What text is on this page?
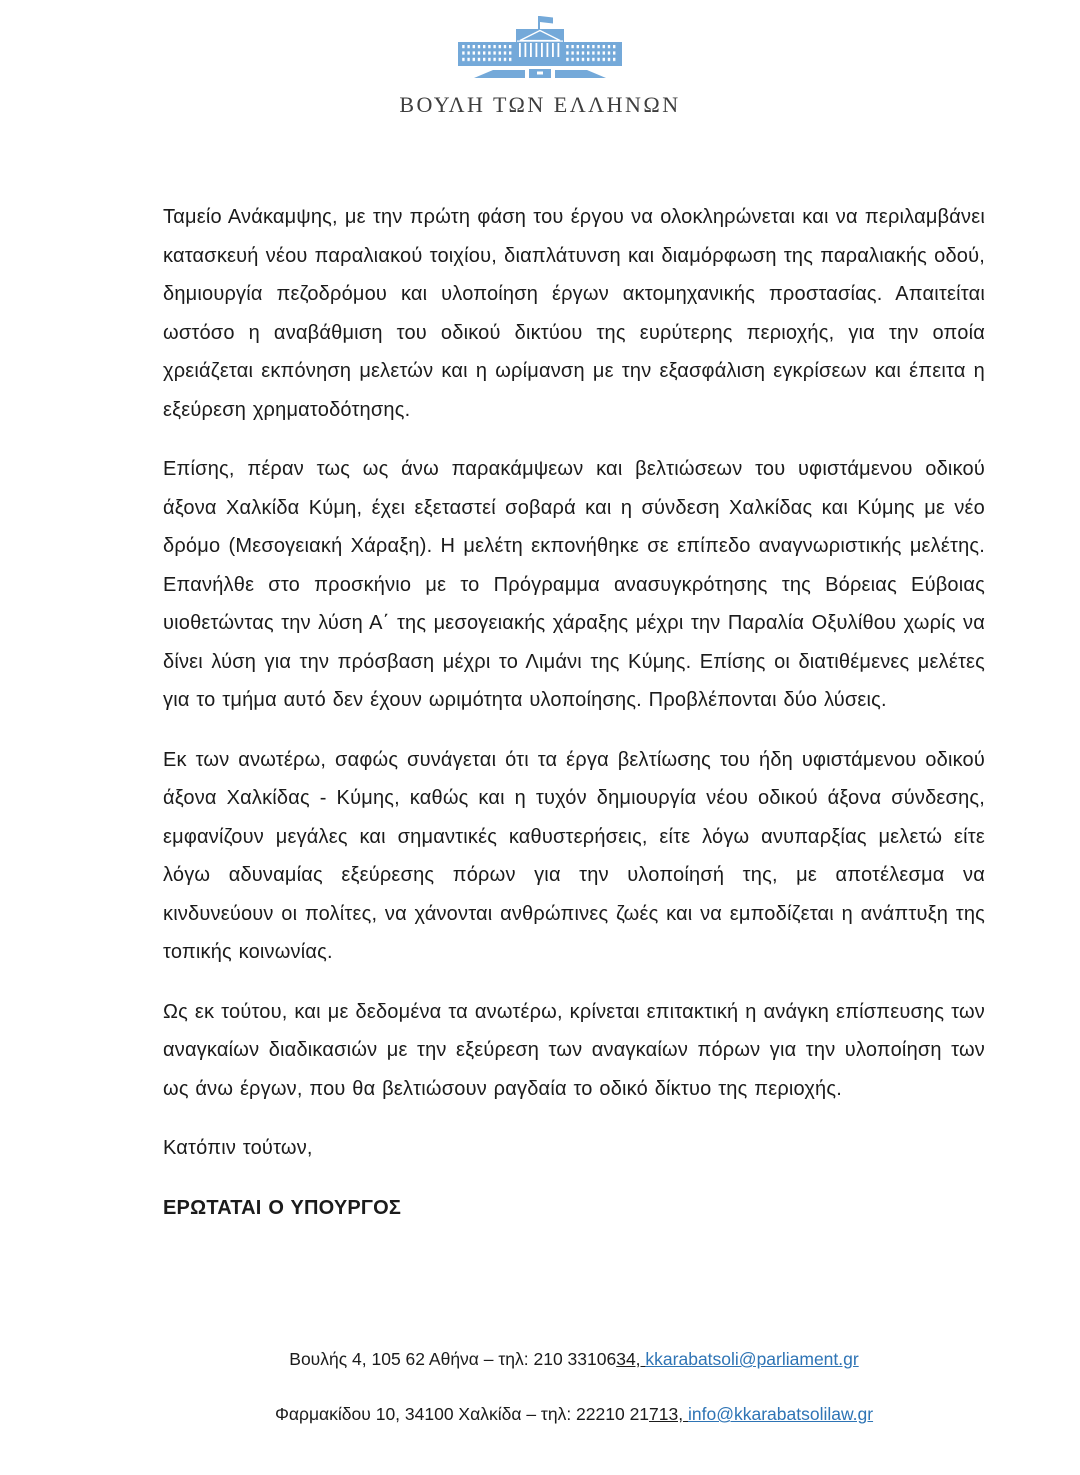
ΒΟΥΛΗ ΤΩΝ ΕΛΛΗΝΩΝ

Ταμείο Ανάκαμψης, με την πρώτη φάση του έργου να ολοκληρώνεται και να περιλαμβάνει κατασκευή νέου παραλιακού τοιχίου, διαπλάτυνση και διαμόρφωση της παραλιακής οδού, δημιουργία πεζοδρόμου και υλοποίηση έργων ακτομηχανικής προστασίας. Απαιτείται ωστόσο η αναβάθμιση του οδικού δικτύου της ευρύτερης περιοχής, για την οποία χρειάζεται εκπόνηση μελετών και η ωρίμανση με την εξασφάλιση εγκρίσεων και έπειτα η εξεύρεση χρηματοδότησης.

Επίσης, πέραν τως ως άνω παρακάμψεων και βελτιώσεων του υφιστάμενου οδικού άξονα Χαλκίδα Κύμη, έχει εξεταστεί σοβαρά και η σύνδεση Χαλκίδας και Κύμης με νέο δρόμο (Μεσογειακή Χάραξη). Η μελέτη εκπονήθηκε σε επίπεδο αναγνωριστικής μελέτης. Επανήλθε στο προσκήνιο με το Πρόγραμμα ανασυγκρότησης της Βόρειας Εύβοιας υιοθετώντας την λύση Α΄ της μεσογειακής χάραξης μέχρι την Παραλία Οξυλίθου χωρίς να δίνει λύση για την πρόσβαση μέχρι το Λιμάνι της Κύμης. Επίσης οι διατιθέμενες μελέτες για το τμήμα αυτό δεν έχουν ωριμότητα υλοποίησης. Προβλέπονται δύο λύσεις.

Εκ των ανωτέρω, σαφώς συνάγεται ότι τα έργα βελτίωσης του ήδη υφιστάμενου οδικού άξονα Χαλκίδας - Κύμης, καθώς και η τυχόν δημιουργία νέου οδικού άξονα σύνδεσης, εμφανίζουν μεγάλες και σημαντικές καθυστερήσεις, είτε λόγω ανυπαρξίας μελετώ είτε λόγω αδυναμίας εξεύρεσης πόρων για την υλοποίησή της, με αποτέλεσμα να κινδυνεύουν οι πολίτες, να χάνονται ανθρώπινες ζωές και να εμποδίζεται η ανάπτυξη της τοπικής κοινωνίας.

Ως εκ τούτου, και με δεδομένα τα ανωτέρω, κρίνεται επιτακτική η ανάγκη επίσπευσης των αναγκαίων διαδικασιών με την εξεύρεση των αναγκαίων πόρων για την υλοποίηση των ως άνω έργων, που θα βελτιώσουν ραγδαία το οδικό δίκτυο της περιοχής.

Κατόπιν τούτων,

ΕΡΩΤΑΤΑΙ Ο ΥΠΟΥΡΓΟΣ

Βουλής 4, 105 62 Αθήνα – τηλ: 210 3310634, kkarabatsoli@parliament.gr
Φαρμακίδου 10, 34100 Χαλκίδα – τηλ: 22210 21713, info@kkarabatsolilaw.gr
